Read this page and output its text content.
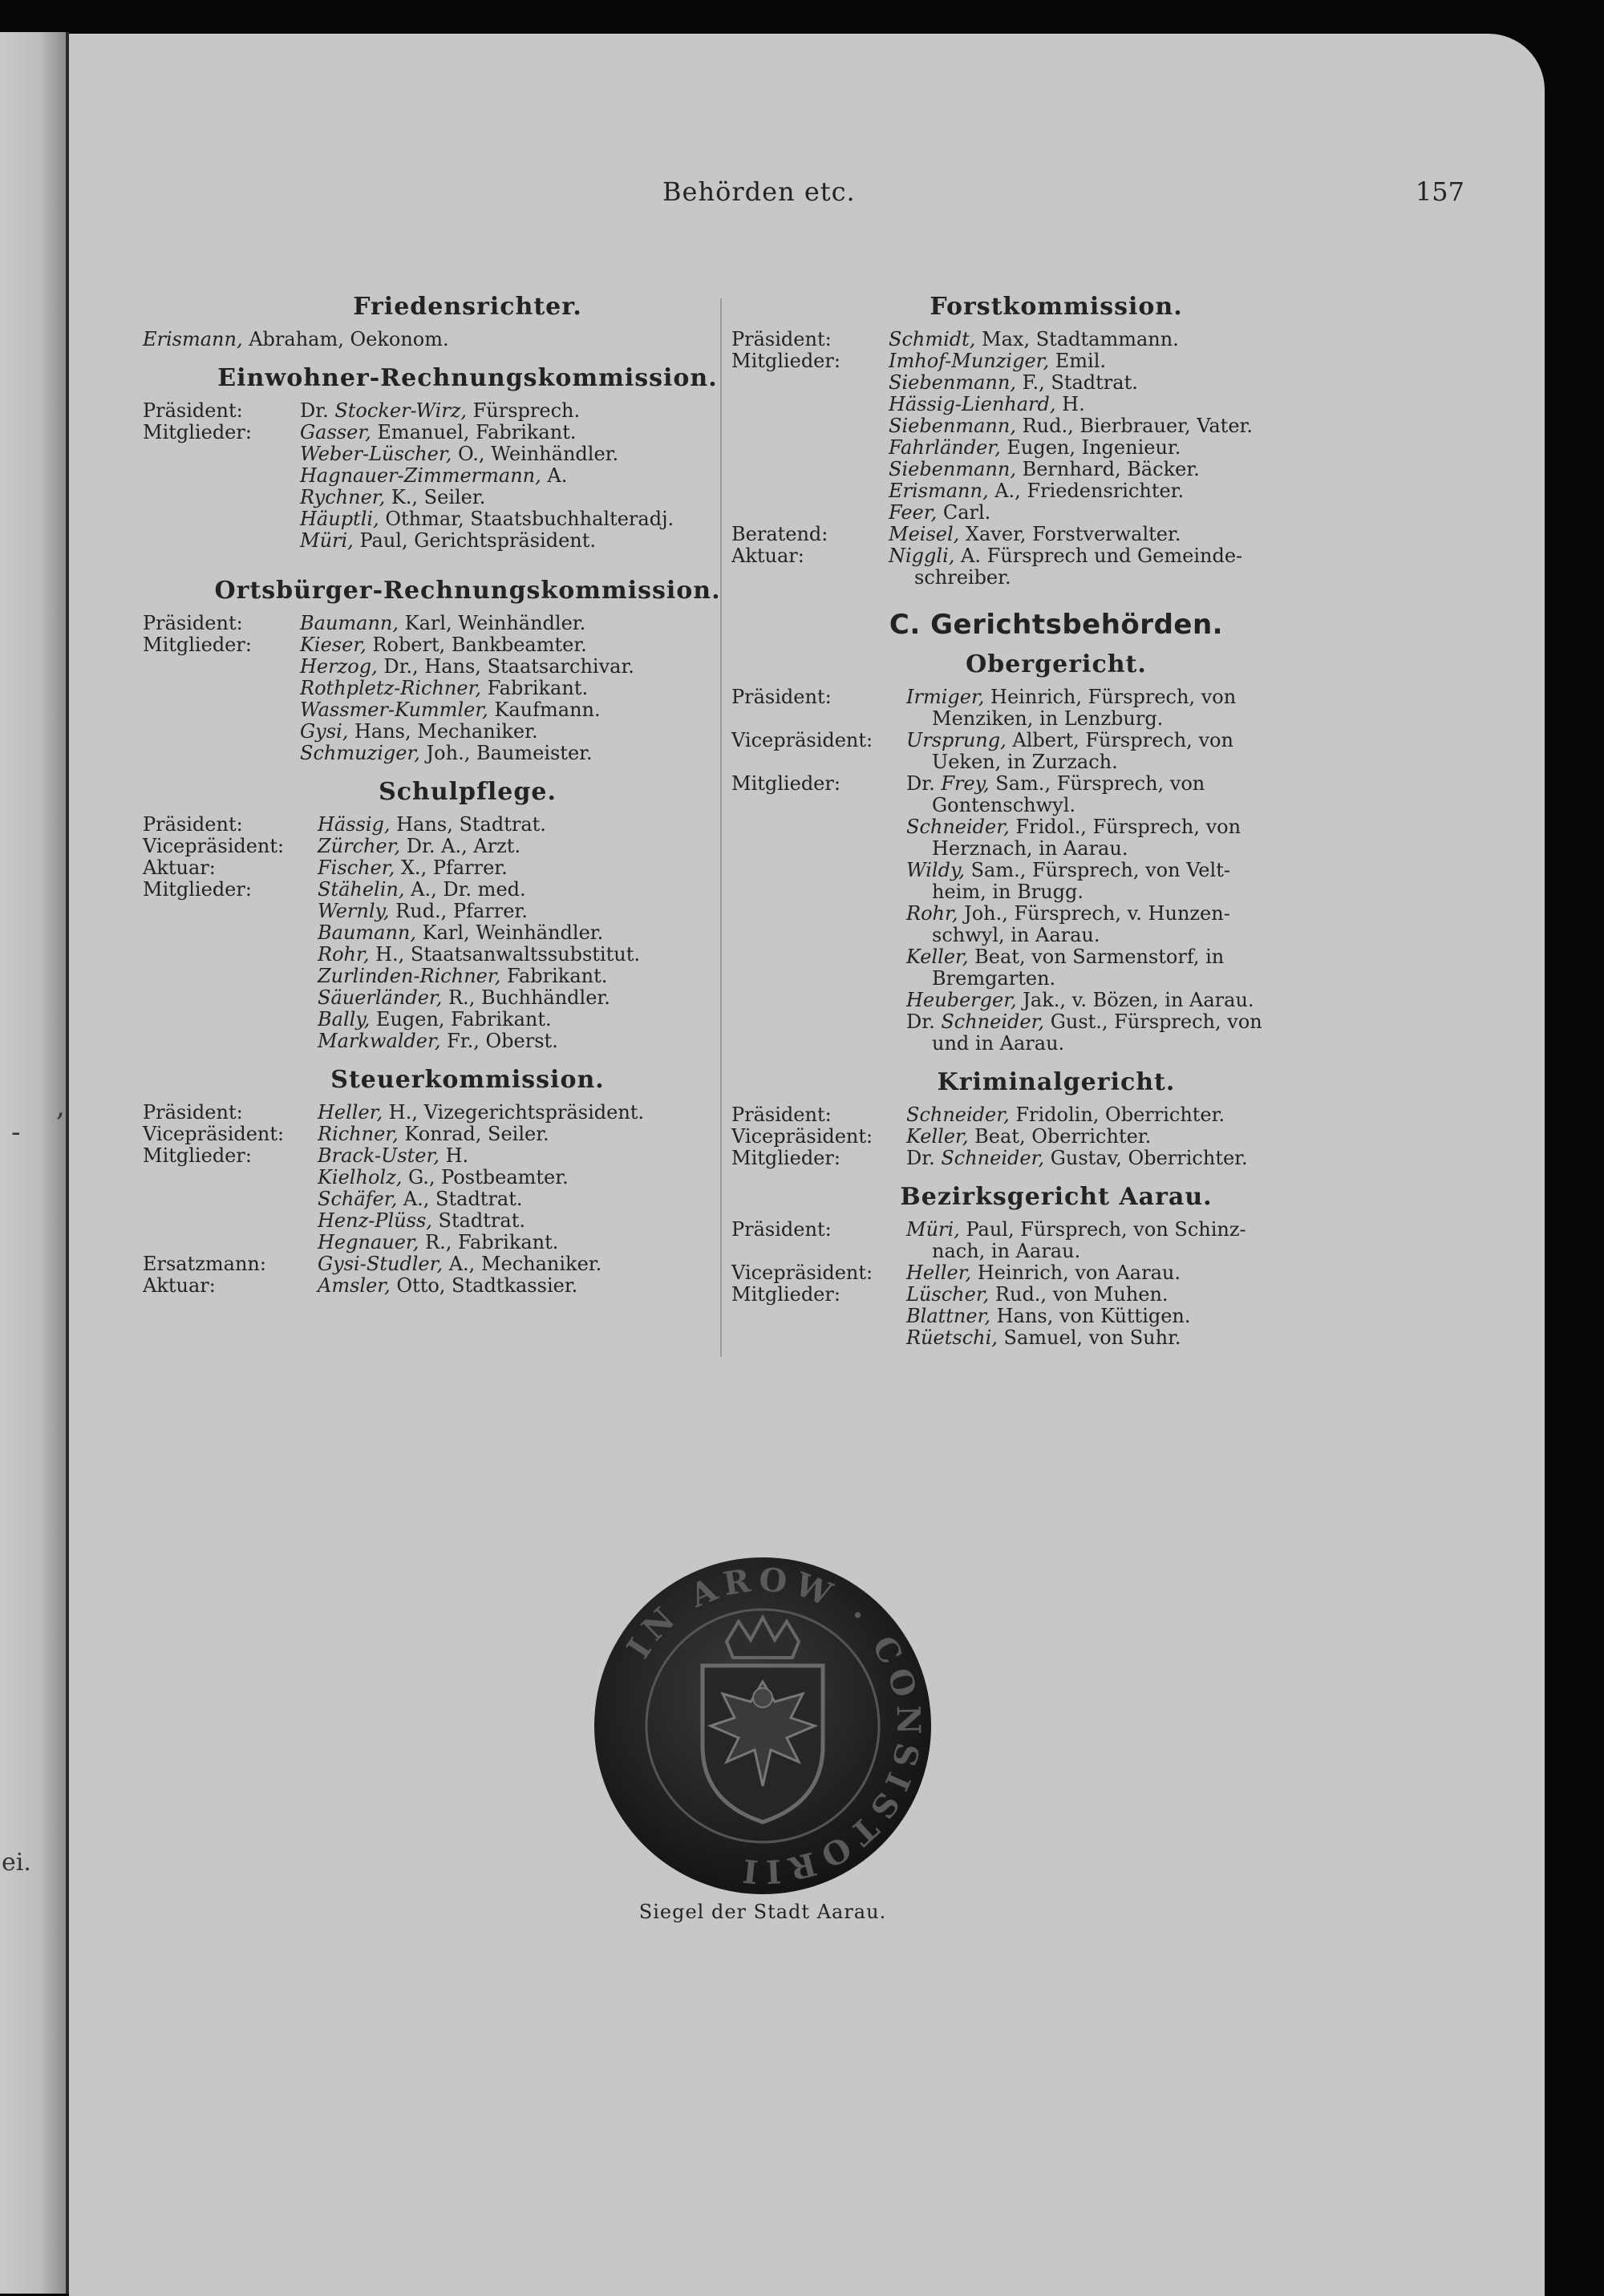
,
-
ei.
Behörden etc.	157
Friedensrichter.
Erismann, Abraham, Oekonom.
Einwohner-Rechnungskommission.
Präsident:	Dr. Stocker-Wirz, Fürsprech.
Mitglieder:	Gasser, Emanuel, Fabrikant.
Weber-Lüscher, O., Weinhändler.
Hagnauer-Zimmermann, A.
Rychner, K., Seiler.
Häuptli, Othmar, Staatsbuchhalteradj.
Müri, Paul, Gerichtspräsident.
Ortsbürger-Rechnungskommission.
Präsident:	Baumann, Karl, Weinhändler.
Mitglieder:	Kieser, Robert, Bankbeamter.
Herzog, Dr., Hans, Staatsarchivar.
Rothpletz-Richner, Fabrikant.
Wassmer-Kummler, Kaufmann.
Gysi, Hans, Mechaniker.
Schmuziger, Joh., Baumeister.
Schulpflege.
Präsident:	Hässig, Hans, Stadtrat.
Vicepräsident:	Zürcher, Dr. A., Arzt.
Aktuar:	Fischer, X., Pfarrer.
Mitglieder:	Stähelin, A., Dr. med.
Wernly, Rud., Pfarrer.
Baumann, Karl, Weinhändler.
Rohr, H., Staatsanwaltssubstitut.
Zurlinden-Richner, Fabrikant.
Säuerländer, R., Buchhändler.
Bally, Eugen, Fabrikant.
Markwalder, Fr., Oberst.
Steuerkommission.
Präsident:	Heller, H., Vizegerichtspräsident.
Vicepräsident:	Richner, Konrad, Seiler.
Mitglieder:	Brack-Uster, H.
Kielholz, G., Postbeamter.
Schäfer, A., Stadtrat.
Henz-Plüss, Stadtrat.
Hegnauer, R., Fabrikant.
Ersatzmann:	Gysi-Studler, A., Mechaniker.
Aktuar:	Amsler, Otto, Stadtkassier.
Forstkommission.
Präsident:	Schmidt, Max, Stadtammann.
Mitglieder:	Imhof-Munziger, Emil.
Siebenmann, F., Stadtrat.
Hässig-Lienhard, H.
Siebenmann, Rud., Bierbrauer, Vater.
Fahrländer, Eugen, Ingenieur.
Siebenmann, Bernhard, Bäcker.
Erismann, A., Friedensrichter.
Feer, Carl.
Beratend:	Meisel, Xaver, Forstverwalter.
Aktuar:	Niggli, A. Fürsprech und Gemeinde-
schreiber.
C. Gerichtsbehörden.
Obergericht.
Präsident:	Irmiger, Heinrich, Fürsprech, von
Menziken, in Lenzburg.
Vicepräsident:	Ursprung, Albert, Fürsprech, von
Ueken, in Zurzach.
Mitglieder:	Dr. Frey, Sam., Fürsprech, von
Gontenschwyl.
Schneider, Fridol., Fürsprech, von
Herznach, in Aarau.
Wildy, Sam., Fürsprech, von Velt-
heim, in Brugg.
Rohr, Joh., Fürsprech, v. Hunzen-
schwyl, in Aarau.
Keller, Beat, von Sarmenstorf, in
Bremgarten.
Heuberger, Jak., v. Bözen, in Aarau.
Dr. Schneider, Gust., Fürsprech, von
und in Aarau.
Kriminalgericht.
Präsident:	Schneider, Fridolin, Oberrichter.
Vicepräsident:	Keller, Beat, Oberrichter.
Mitglieder:	Dr. Schneider, Gustav, Oberrichter.
Bezirksgericht Aarau.
Präsident:	Müri, Paul, Fürsprech, von Schinz-
nach, in Aarau.
Vicepräsident:	Heller, Heinrich, von Aarau.
Mitglieder:	Lüscher, Rud., von Muhen.
Blattner, Hans, von Küttigen.
Rüetschi, Samuel, von Suhr.
IN AROW · CONSISTORII
Siegel der Stadt Aarau.
